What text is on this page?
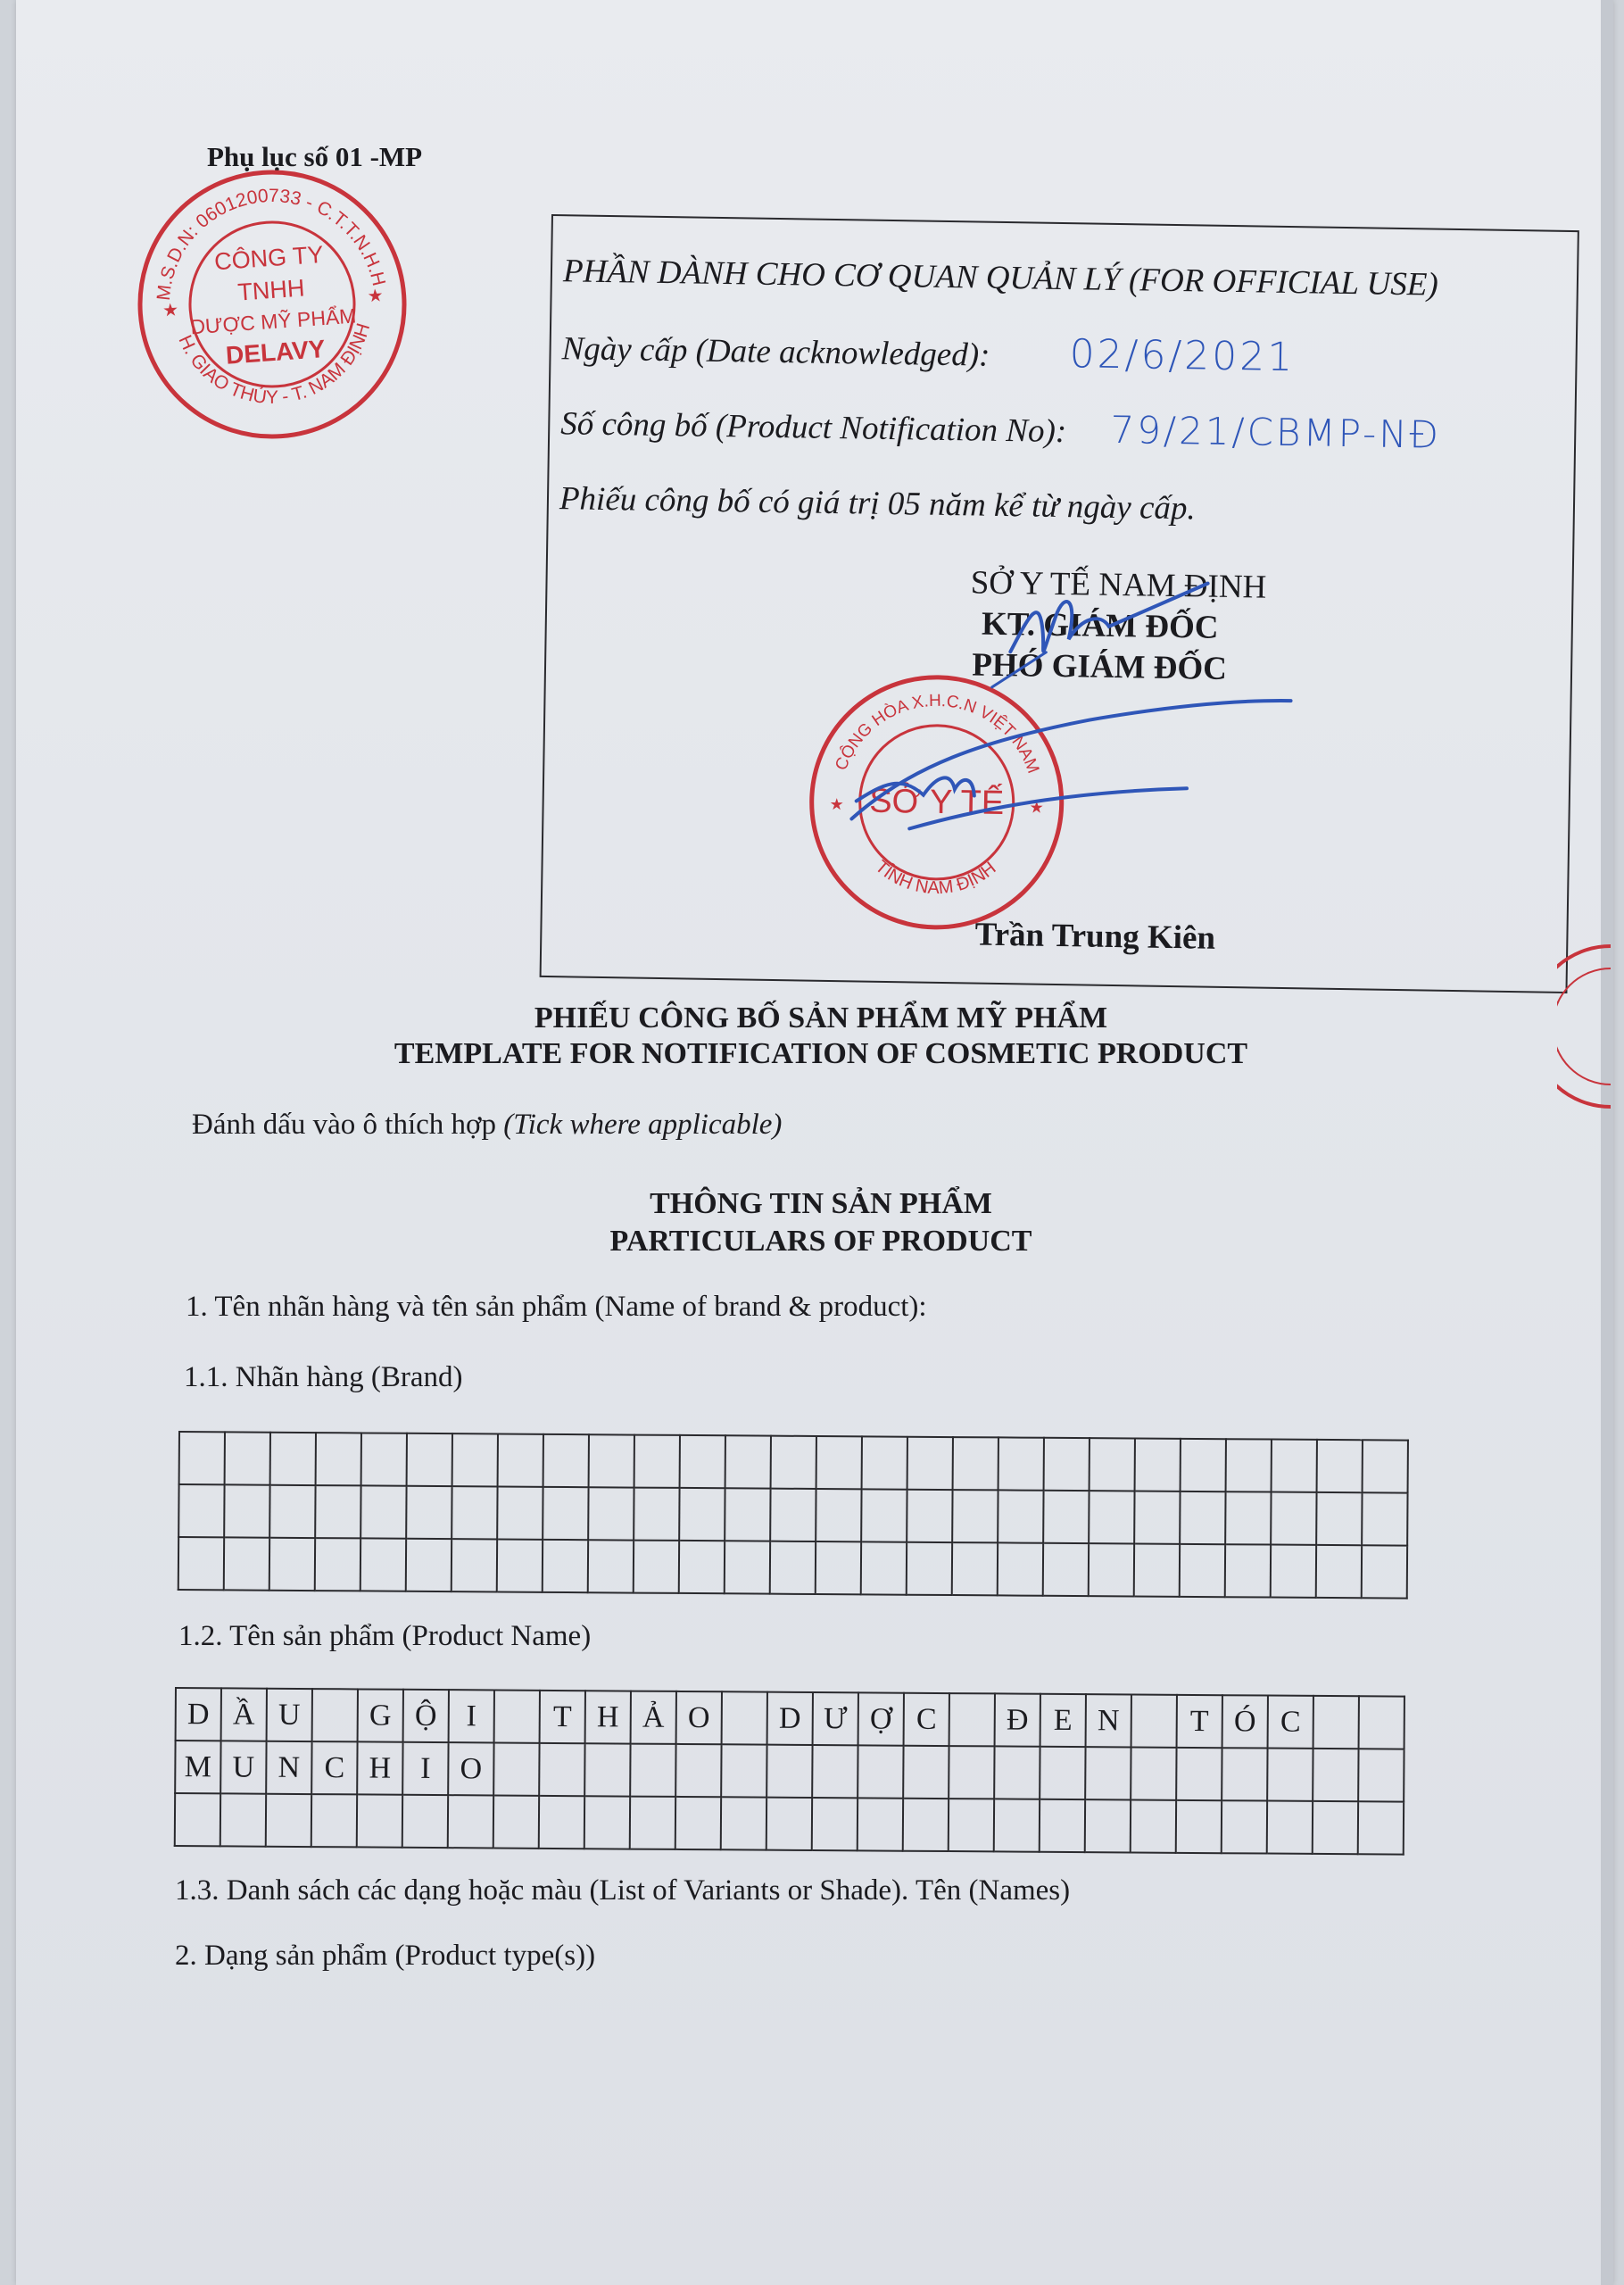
Phụ lục số 01 -MP
M.S.D.N: 0601200733 - C.T.T.N.H.H
H. GIAO THỦY - T. NAM ĐỊNH
★
★
CÔNG TY
TNHH
DƯỢC MỸ PHẨM
DELAVY
PHẦN DÀNH CHO CƠ QUAN QUẢN LÝ (FOR OFFICIAL USE)
Ngày cấp (Date acknowledged): 02/6/2021
Số công bố (Product Notification No): 79/21/CBMP-NĐ
Phiếu công bố có giá trị 05 năm kể từ ngày cấp.
SỞ Y TẾ NAM ĐỊNH
KT. GIÁM ĐỐC
PHÓ GIÁM ĐỐC
Trần Trung Kiên
CỘNG HÒA X.H.C.N VIỆT NAM
TỈNH NAM ĐỊNH
★	★
SỞ Y TẾ
PHIẾU CÔNG BỐ SẢN PHẨM MỸ PHẨM
TEMPLATE FOR NOTIFICATION OF COSMETIC PRODUCT
Đánh dấu vào ô thích hợp (Tick where applicable)
THÔNG TIN SẢN PHẨM
PARTICULARS OF PRODUCT
1. Tên nhãn hàng và tên sản phẩm (Name of brand & product):
1.1. Nhãn hàng (Brand)

1.2. Tên sản phẩm (Product Name)
D	Ầ	U		G	Ộ	I		T	H	Ả	O		D	Ư	Ợ	C		Đ	E	N		T	Ó	C		
M	U	N	C	H	I	O																				

1.3. Danh sách các dạng hoặc màu (List of Variants or Shade). Tên (Names)
2. Dạng sản phẩm (Product type(s))
